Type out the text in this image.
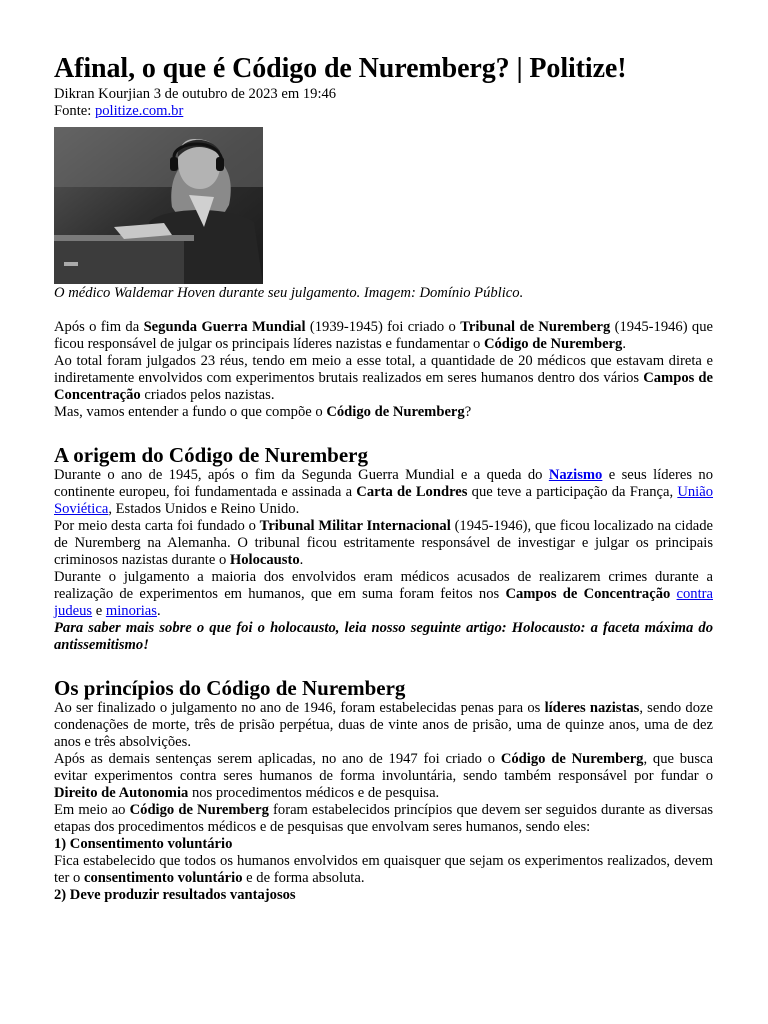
Afinal, o que é Código de Nuremberg? | Politize!
Dikran Kourjian 3 de outubro de 2023 em 19:46
Fonte: politize.com.br
O médico Waldemar Hoven durante seu julgamento. Imagem: Domínio Público.

Após o fim da Segunda Guerra Mundial (1939-1945) foi criado o Tribunal de Nuremberg (1945-1946) que ficou responsável de julgar os principais líderes nazistas e fundamentar o Código de Nuremberg.

Ao total foram julgados 23 réus, tendo em meio a esse total, a quantidade de 20 médicos que estavam direta e indiretamente envolvidos com experimentos brutais realizados em seres humanos dentro dos vários Campos de Concentração criados pelos nazistas.

Mas, vamos entender a fundo o que compõe o Código de Nuremberg?

A origem do Código de Nuremberg

Durante o ano de 1945, após o fim da Segunda Guerra Mundial e a queda do Nazismo e seus líderes no continente europeu, foi fundamentada e assinada a Carta de Londres que teve a participação da França, União Soviética, Estados Unidos e Reino Unido.

Por meio desta carta foi fundado o Tribunal Militar Internacional (1945-1946), que ficou localizado na cidade de Nuremberg na Alemanha. O tribunal ficou estritamente responsável de investigar e julgar os principais criminosos nazistas durante o Holocausto.

Durante o julgamento a maioria dos envolvidos eram médicos acusados de realizarem crimes durante a realização de experimentos em humanos, que em suma foram feitos nos Campos de Concentração contra judeus e minorias.

Para saber mais sobre o que foi o holocausto, leia nosso seguinte artigo: Holocausto: a faceta máxima do antissemitismo!

Os princípios do Código de Nuremberg

Ao ser finalizado o julgamento no ano de 1946, foram estabelecidas penas para os líderes nazistas, sendo doze condenações de morte, três de prisão perpétua, duas de vinte anos de prisão, uma de quinze anos, uma de dez anos e três absolvições.

Após as demais sentenças serem aplicadas, no ano de 1947 foi criado o Código de Nuremberg, que busca evitar experimentos contra seres humanos de forma involuntária, sendo também responsável por fundar o Direito de Autonomia nos procedimentos médicos e de pesquisa.

Em meio ao Código de Nuremberg foram estabelecidos princípios que devem ser seguidos durante as diversas etapas dos procedimentos médicos e de pesquisas que envolvam seres humanos, sendo eles:

1) Consentimento voluntário

Fica estabelecido que todos os humanos envolvidos em quaisquer que sejam os experimentos realizados, devem ter o consentimento voluntário e de forma absoluta.

2) Deve produzir resultados vantajosos
